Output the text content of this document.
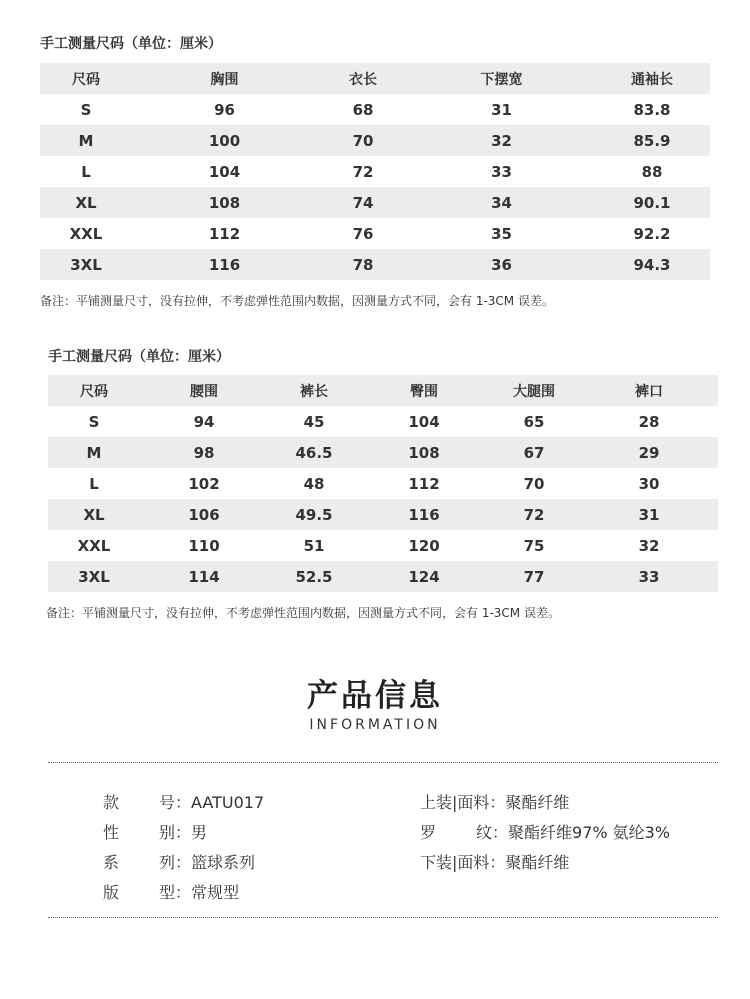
手工测量尺码（单位：厘米）
尺码	胸围	衣长	下摆宽	通袖长
S	96	68	31	83.8
M	100	70	32	85.9
L	104	72	33	88
XL	108	74	34	90.1
XXL	112	76	35	92.2
3XL	116	78	36	94.3
备注：平铺测量尺寸，没有拉伸，不考虑弹性范围内数据，因测量方式不同，会有 1-3CM 误差。
手工测量尺码（单位：厘米）
尺码	腰围	裤长	臀围	大腿围	裤口
S	94	45	104	65	28
M	98	46.5	108	67	29
L	102	48	112	70	30
XL	106	49.5	116	72	31
XXL	110	51	120	75	32
3XL	114	52.5	124	77	33
备注：平铺测量尺寸，没有拉伸，不考虑弹性范围内数据，因测量方式不同，会有 1-3CM 误差。
产品信息
INFORMATION
款号：AATU017
性别：男
系列：篮球系列
版型：常规型
上装|面料：聚酯纤维
罗纹：聚酯纤维97% 氨纶3%
下装|面料：聚酯纤维
